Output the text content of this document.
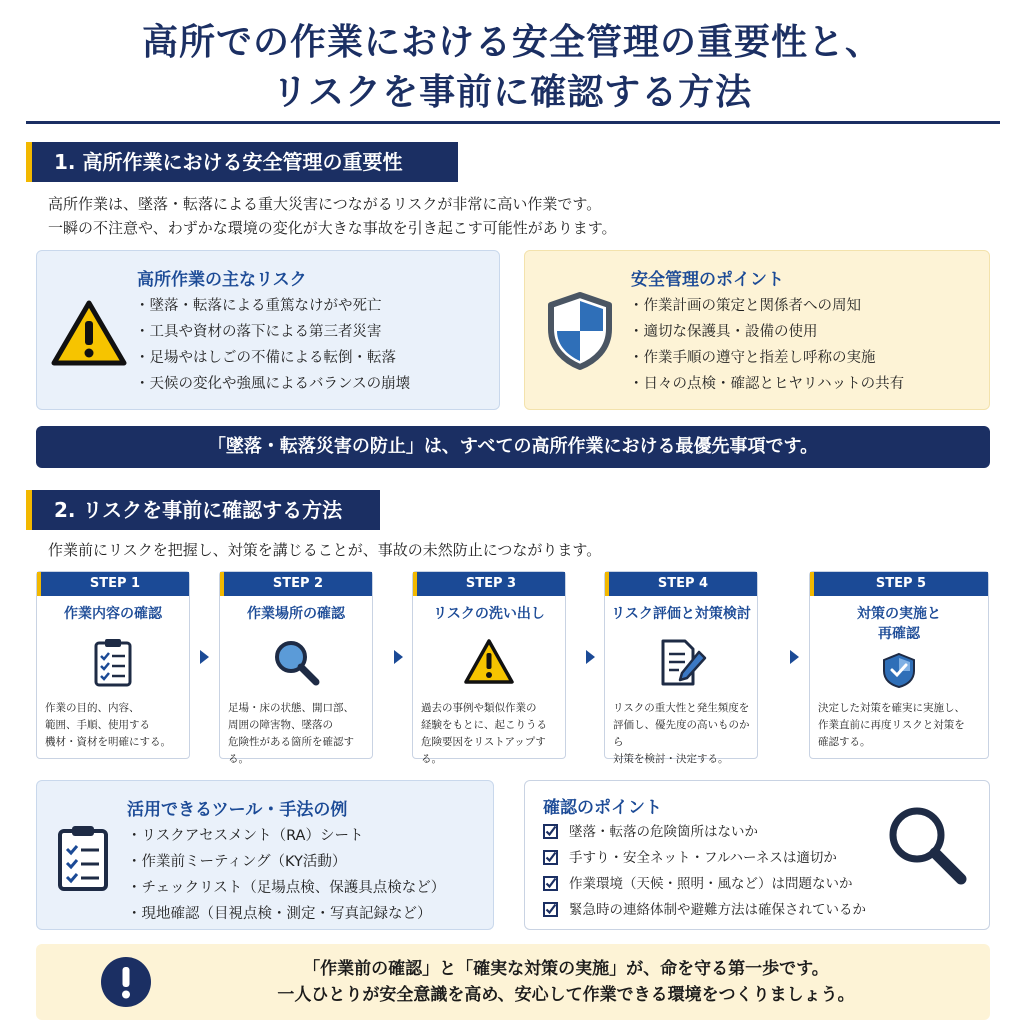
高所での作業における安全管理の重要性と、
リスクを事前に確認する方法
1. 高所作業における安全管理の重要性
高所作業は、墜落・転落による重大災害につながるリスクが非常に高い作業です。
一瞬の不注意や、わずかな環境の変化が大きな事故を引き起こす可能性があります。
高所作業の主なリスク
・ 墜落・転落による重篤なけがや死亡
・ 工具や資材の落下による第三者災害
・ 足場やはしごの不備による転倒・転落
・ 天候の変化や強風によるバランスの崩壊
安全管理のポイント
・ 作業計画の策定と関係者への周知
・ 適切な保護具・設備の使用
・ 作業手順の遵守と指差し呼称の実施
・ 日々の点検・確認とヒヤリハットの共有
「墜落・転落災害の防止」は、すべての高所作業における最優先事項です。
2. リスクを事前に確認する方法
作業前にリスクを把握し、対策を講じることが、事故の未然防止につながります。
STEP 1
作業内容の確認
作業の目的、内容、
範囲、手順、使用する
機材・資材を明確にする。
STEP 2
作業場所の確認
足場・床の状態、開口部、
周囲の障害物、墜落の
危険性がある箇所を確認する。
STEP 3
リスクの洗い出し
過去の事例や類似作業の
経験をもとに、起こりうる
危険要因をリストアップする。
STEP 4
リスク評価と対策検討
リスクの重大性と発生頻度を
評価し、優先度の高いものから
対策を検討・決定する。
STEP 5
対策の実施と
再確認
決定した対策を確実に実施し、
作業直前に再度リスクと対策を
確認する。
活用できるツール・手法の例
・ リスクアセスメント（RA）シート
・ 作業前ミーティング（KY活動）
・ チェックリスト（足場点検、保護具点検など）
・ 現地確認（目視点検・測定・写真記録など）
確認のポイント
墜落・転落の危険箇所はないか
手すり・安全ネット・フルハーネスは適切か
作業環境（天候・照明・風など）は問題ないか
緊急時の連絡体制や避難方法は確保されているか
「作業前の確認」と「確実な対策の実施」が、命を守る第一歩です。
一人ひとりが安全意識を高め、安心して作業できる環境をつくりましょう。
